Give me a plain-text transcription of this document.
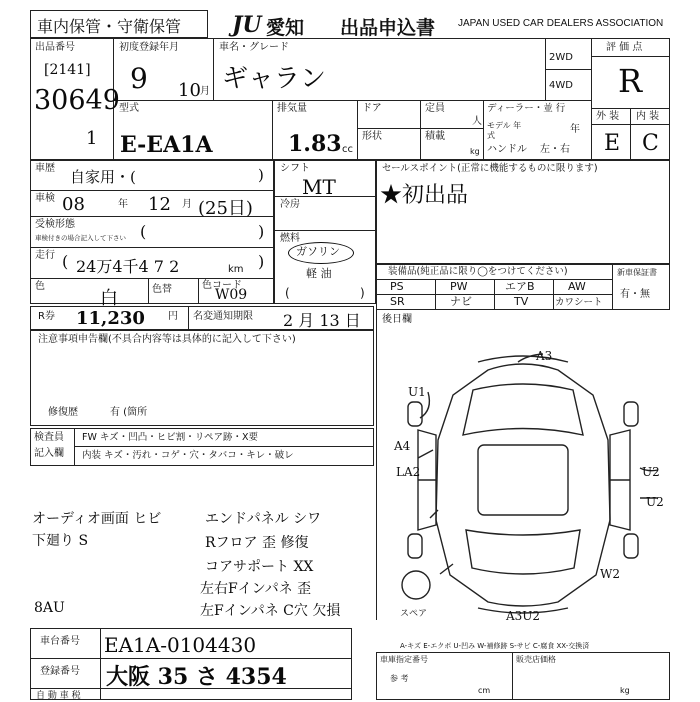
車内保管・守衛保管 JU 愛知 出品申込書 JAPAN USED CAR DEALERS ASSOCIATION
出品番号
[2141]
30649
1
初度登録年月
9 10 月
車名・グレード
ギャラン
2WD
4WD
評 価 点
R
外 装 内 装
E C
型式
E-EA1A
排気量
1.83 cc
ドア	定員
人
形状	積載
kg
ディーラー・並 行
モデル 年式
年
ハンドル 左・右
車歴 自家用・(	)
車検 08	年 12 月 (25日)
受検形態
車検付きの場合記入して下さい (	)
走行 ( 24万4千4 7 2	km )
色
白	色替	色コード
W09
シフト
MT
冷房
燃料
ガソリン
軽 油
(	)
セールスポイント(正常に機能するものに限ります)
★初出品
装備品(純正品に限り◯をつけてください)
PS	PW	エアB	AW
SR	ナビ	TV	カワシート
新車保証書
有・無
後日欄
R券 11,230 円 名変通知期限 2 月 13 日
注意事項申告欄(不具合内容等は具体的に記入して下さい)
修復歴	有 (箇所
検査員
記入欄
FW キズ・凹凸・ヒビ割・リペア跡・X要
内装 キズ・汚れ・コゲ・穴・タバコ・キレ・破レ
オーディオ画面 ヒビ
下廻り S
8AU
エンドパネル シワ
Rフロア 歪 修復
コアサポート XX
左右Fインパネ 歪
左Fインパネ C穴 欠損
A3
U1
A4
U2
U2
LA2
W2
A3U2
スペア
A-キズ E-エクボ U-凹み W-補修跡 S-サビ C-腐食 XX-交換済
車台番号 EA1A-0104430
登録番号 大阪 35 さ 4354
自 動 車 税
車庫指定番号
参 考
販売店価格
cm	kg
